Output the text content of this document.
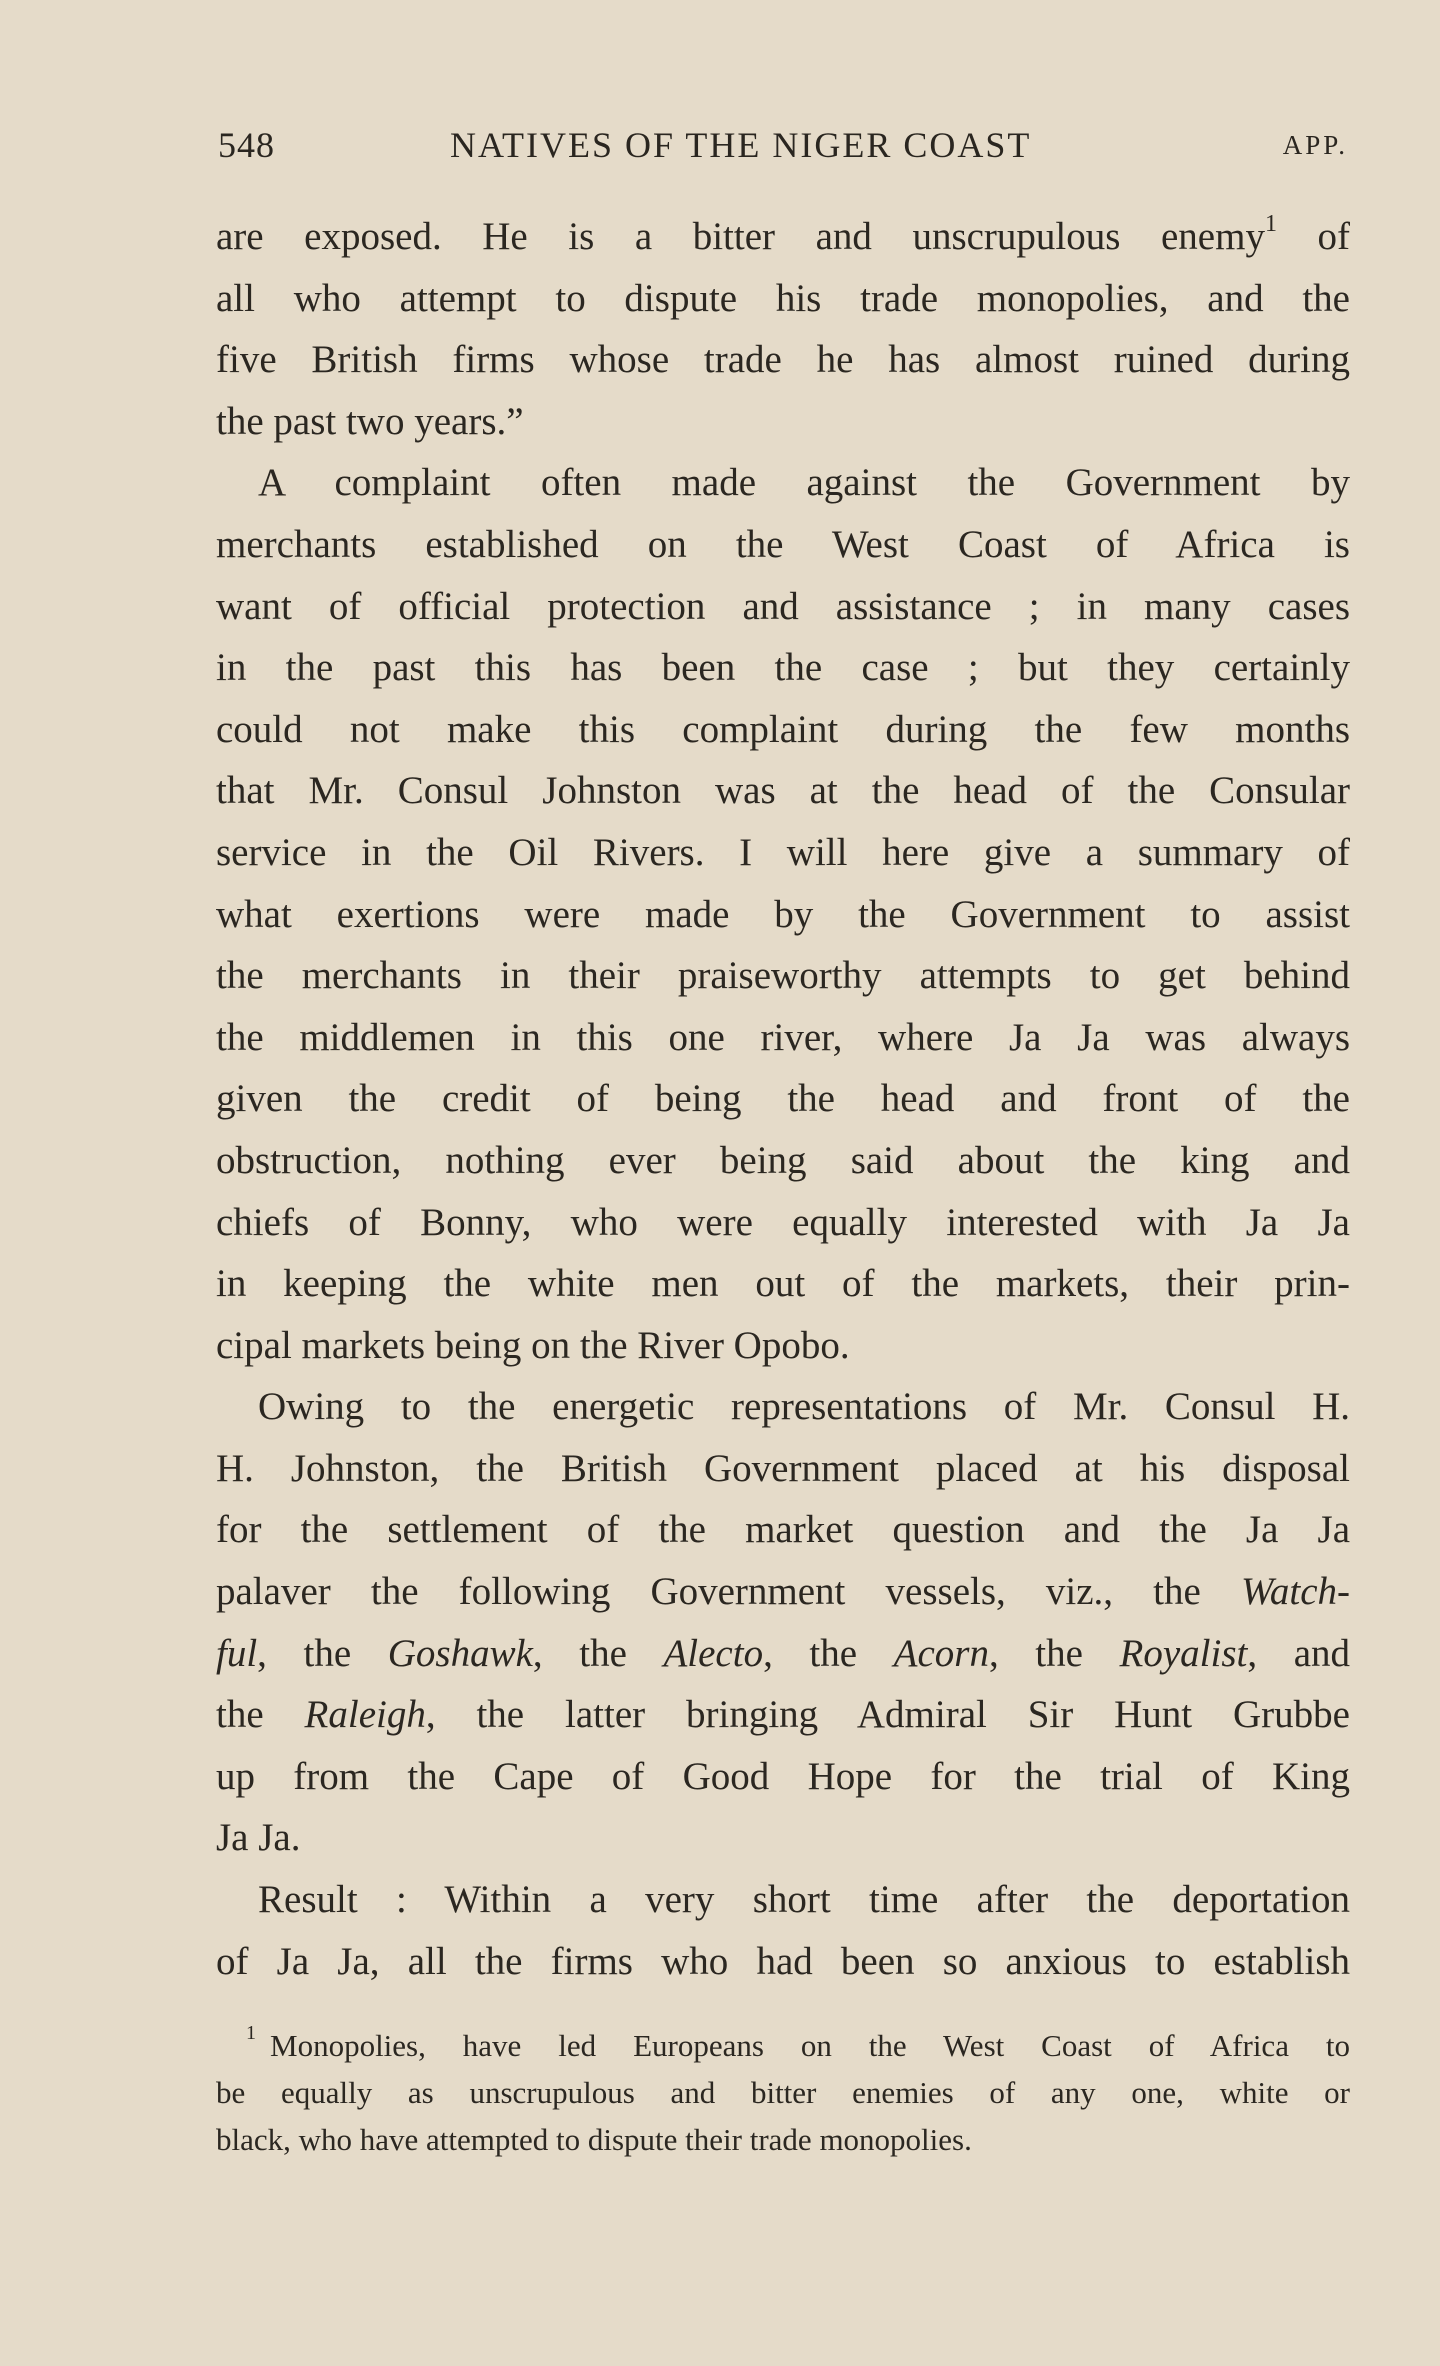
548	NATIVES OF THE NIGER COAST	APP.
are exposed. He is a bitter and unscrupulous enemy$^1$ of
all who attempt to dispute his trade monopolies, and the
five British firms whose trade he has almost ruined during
the past two years.”
A complaint often made against the Government by
merchants established on the West Coast of Africa is
want of official protection and assistance ; in many cases
in the past this has been the case ; but they certainly
could not make this complaint during the few months
that Mr. Consul Johnston was at the head of the Consular
service in the Oil Rivers. I will here give a summary of
what exertions were made by the Government to assist
the merchants in their praiseworthy attempts to get behind
the middlemen in this one river, where Ja Ja was always
given the credit of being the head and front of the
obstruction, nothing ever being said about the king and
chiefs of Bonny, who were equally interested with Ja Ja
in keeping the white men out of the markets, their prin-
cipal markets being on the River Opobo.
Owing to the energetic representations of Mr. Consul H.
H. Johnston, the British Government placed at his disposal
for the settlement of the market question and the Ja Ja
palaver the following Government vessels, viz., the Watch-
ful, the Goshawk, the Alecto, the Acorn, the Royalist, and
the Raleigh, the latter bringing Admiral Sir Hunt Grubbe
up from the Cape of Good Hope for the trial of King
Ja Ja.
Result : Within a very short time after the deportation
of Ja Ja, all the firms who had been so anxious to establish
$^1$ Monopolies, have led Europeans on the West Coast of Africa to
be equally as unscrupulous and bitter enemies of any one, white or
black, who have attempted to dispute their trade monopolies.
